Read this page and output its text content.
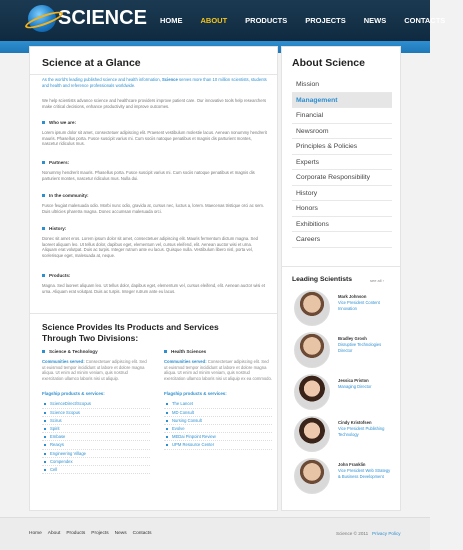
SCIENCE HOME ABOUT PRODUCTS PROJECTS NEWS CONTACTS
Science at a Glance
As the world's leading published science and health information, Science serves more than 10 million scientists, students and health and reference professionals worldwide.
We help scientists advance science and healthcare providers improve patient care. Our innovative tools help researchers make critical decisions, enhance productivity and improve outcomes.
Who we are:
Lorem ipsum dolor sit amet, consectetuer adipiscing elit. Praesent vestibulum molestie lacus. Aenean nonummy hendrerit mauris. Phasellus porta. Fusce suscipit varius mi. Cum sociis natoque penatibus et magnis dis parturient montes, nascetur ridiculus mus.
Partners:
Nonummy hendrerit mauris. Phasellus porta. Fusce suscipit varius mi. Cum sociis natoque penatibus et magnis dis parturient montes, nascetur ridiculus mus. Nulla dui.
In the community:
Fusce feugiat malesuada odio. Morbi nunc odio, gravida at, cursus nec, luctus a, lorem. Maecenas tristique orci ac sem. Duis ultricies pharetra magna. Donec accumsan malesuada orci.
History:
Donec sit amet eros. Lorem ipsum dolor sit amet, consectetuer adipiscing elit. Mauris fermentum dictum magna. Sed laoreet aliquam leo. Ut tellus dolor, dapibus eget, elementum vel, cursus eleifend, elit. Aenean auctor wisi et urna. Aliquam erat volutpat. Duis ac turpis. Integer rutrum ante eu lacus. Quisque nulla. Vestibulum libero nisl, porta vel, scelerisque eget, malesuada at, neque.
Products:
Magna. Sed laoreet aliquam leo. Ut tellus dolor, dapibus eget, elementum vel, cursus eleifend, elit. Aenean auctor wisi et urna. Aliquam erat volutpat. Duis ac turpis. Integer rutrum ante eu lacus.
Science Provides Its Products and Services Through Two Divisions:
Science & Technology
Communities served: Consectetuer adipiscing elit. Sed ut euismod tempor incididunt ut labore et dolore magna aliqua. Ut enim ad minim veniam, quis nostrud exercitation ullamco laboris nisi ut aliquip.
Flagship products & services:
ScienceDirect/Scopus
Science Scopus
Scirus
Spirit
Embase
Reaxys
Engineering Village
Compendex
Cell
Health Sciences
Communities served: Consectetuer adipiscing elit. Sed ut euismod tempor incididunt ut labore et dolore magna aliqua. Ut enim ad minim veniam, quis nostrud exercitation ullamco laboris nisi ut aliquip ex ea commodo.
Flagship products & services:
The Lancet
MD Consult
Nursing Consult
Evolve
MEDai Pinpoint Review
UPM Resource Center
About Science
Mission
Management
Financial
Newsroom
Principles & Policies
Experts
Corporate Responsibility
History
Honors
Exhibitions
Careers
Leading Scientists	see all ›
Mark Johnson
Vice President Content Innovation
Bradley Grosh
Disruptive Technologies Director
Jessica Priston
Managing Director
Cindy Kristofsen
Vice President Publishing Technology
John Franklin
Vice President Web Strategy & Business Development
Home About Products Projects News Contacts	Science © 2011 Privacy Policy
